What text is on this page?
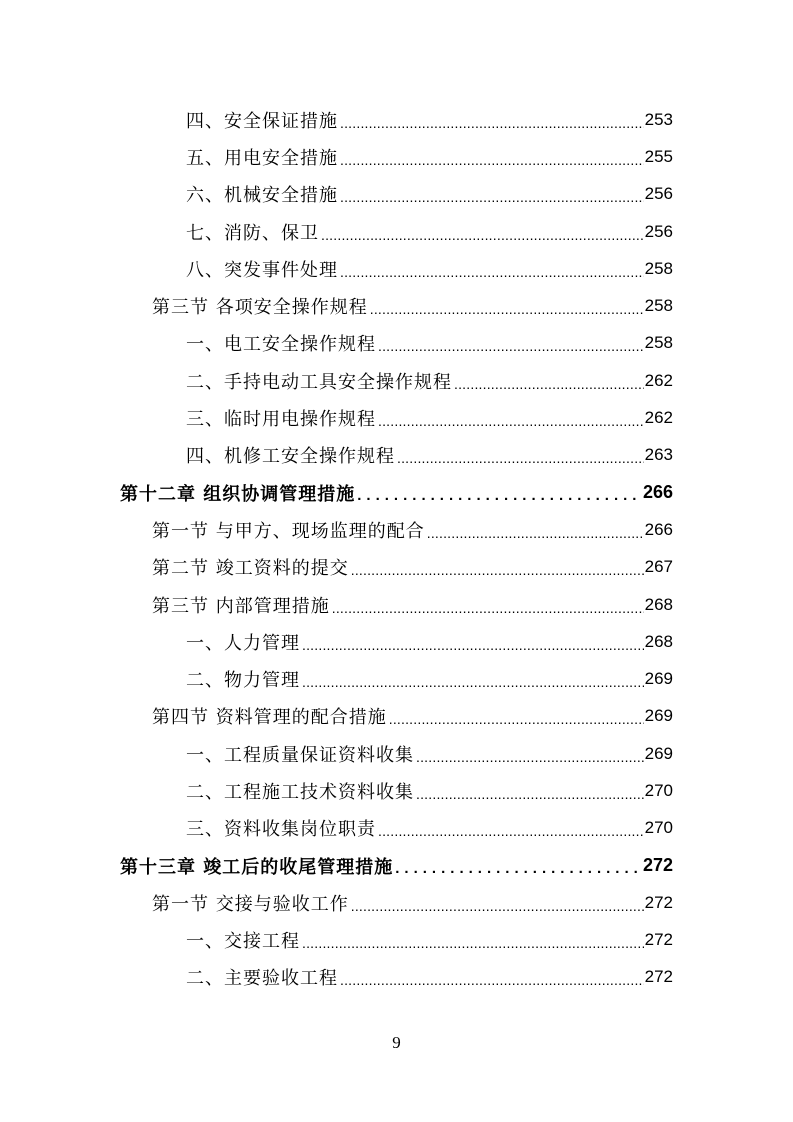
四、安全保证措施 .....	253
五、用电安全措施 .....	255
六、机械安全措施 .....	256
七、消防、保卫 .....	256
八、突发事件处理 .....	258
第三节 各项安全操作规程 .....	258
一、电工安全操作规程 .....	258
二、手持电动工具安全操作规程 .....	262
三、临时用电操作规程 .....	262
四、机修工安全操作规程 .....	263
第十二章 组织协调管理措施 .....	266
第一节 与甲方、现场监理的配合 .....	266
第二节 竣工资料的提交 .....	267
第三节 内部管理措施 .....	268
一、人力管理 .....	268
二、物力管理 .....	269
第四节 资料管理的配合措施 .....	269
一、工程质量保证资料收集 .....	269
二、工程施工技术资料收集 .....	270
三、资料收集岗位职责 .....	270
第十三章 竣工后的收尾管理措施 .....	272
第一节 交接与验收工作 .....	272
一、交接工程 .....	272
二、主要验收工程 .....	272
9
